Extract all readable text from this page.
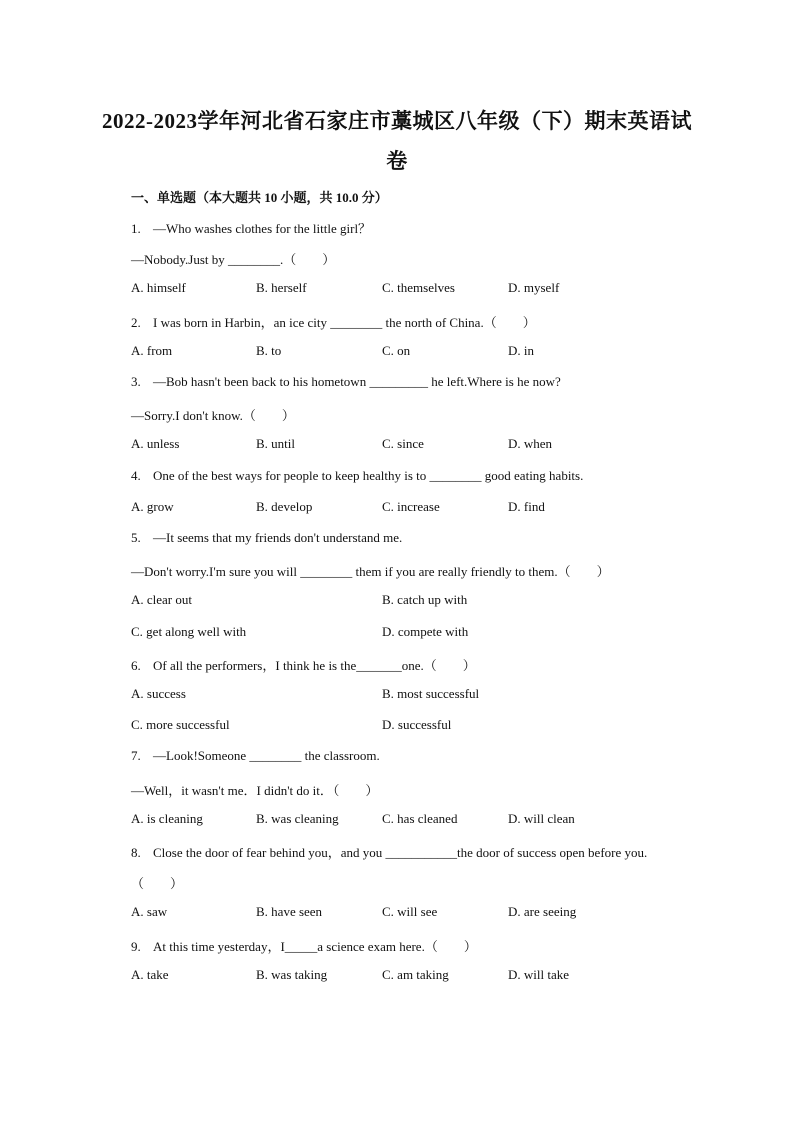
2022-2023学年河北省石家庄市藁城区八年级（下）期末英语试
卷
一、单选题（本大题共 10 小题，共 10.0 分）
1. —Who washes clothes for the little girl？
—Nobody.Just by ________.（　　）
A. himself	B. herself	C. themselves	D. myself
2. I was born in Harbin，an ice city ________ the north of China.（　　）
A. from	B. to	C. on	D. in
3. —Bob hasn't been back to his hometown _________ he left.Where is he now?
—Sorry.I don't know.（　　）
A. unless	B. until	C. since	D. when
4. One of the best ways for people to keep healthy is to ________ good eating habits.
A. grow	B. develop	C. increase	D. find
5. —It seems that my friends don't understand me.
—Don't worry.I'm sure you will ________ them if you are really friendly to them.（　　）
A. clear out	B. catch up with
C. get along well with	D. compete with
6. Of all the performers，I think he is the_______one.（　　）
A. success	B. most successful
C. more successful	D. successful
7. —Look!Someone ________ the classroom.
—Well，it wasn't me．I didn't do it．（　　）
A. is cleaning	B. was cleaning	C. has cleaned	D. will clean
8. Close the door of fear behind you，and you ___________the door of success open before you.
（　　）
A. saw	B. have seen	C. will see	D. are seeing
9. At this time yesterday，I_____a science exam here.（　　）
A. take	B. was taking	C. am taking	D. will take
